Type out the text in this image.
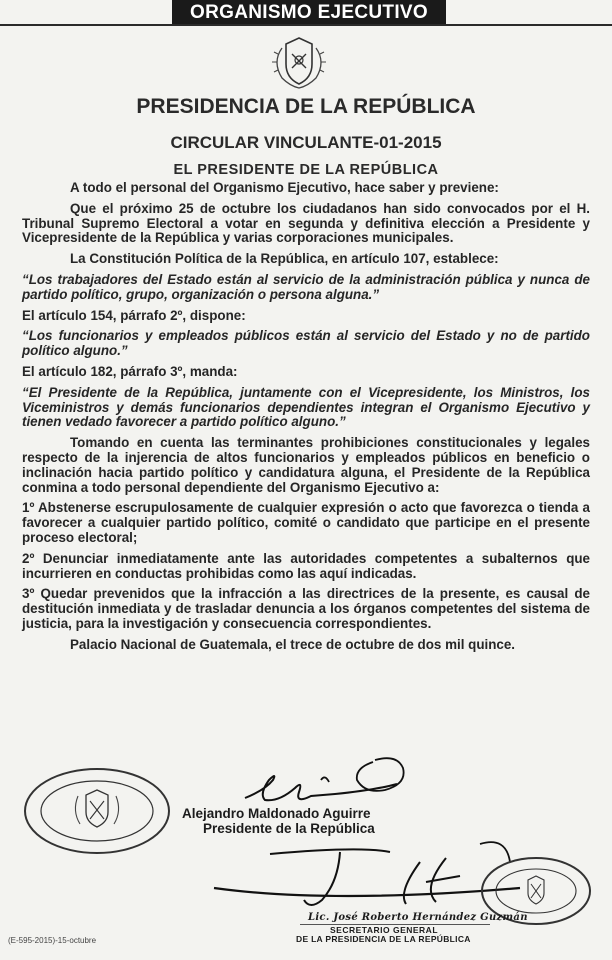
ORGANISMO EJECUTIVO
PRESIDENCIA DE LA REPÚBLICA
CIRCULAR VINCULANTE-01-2015
EL PRESIDENTE DE LA REPÚBLICA

A todo el personal del Organismo Ejecutivo, hace saber y previene:

Que el próximo 25 de octubre los ciudadanos han sido convocados por el H. Tribunal Supremo Electoral a votar en segunda y definitiva elección a Presidente y Vicepresidente de la República y varias corporaciones municipales.

La Constitución Política de la República, en artículo 107, establece:

“Los trabajadores del Estado están al servicio de la administración pública y nunca de partido político, grupo, organización o persona alguna.”

El artículo 154, párrafo 2º, dispone:

“Los funcionarios y empleados públicos están al servicio del Estado y no de partido político alguno.”

El artículo 182, párrafo 3º, manda:

“El Presidente de la República, juntamente con el Vicepresidente, los Ministros, los Viceministros y demás funcionarios dependientes integran el Organismo Ejecutivo y tienen vedado favorecer a partido político alguno.”

Tomando en cuenta las terminantes prohibiciones constitucionales y legales respecto de la injerencia de altos funcionarios y empleados públicos en beneficio o inclinación hacia partido político y candidatura alguna, el Presidente de la República conmina a todo personal dependiente del Organismo Ejecutivo a:

1º Abstenerse escrupulosamente de cualquier expresión o acto que favorezca o tienda a favorecer a cualquier partido político, comité o candidato que participe en el presente proceso electoral;

2º Denunciar inmediatamente ante las autoridades competentes a subalternos que incurrieren en conductas prohibidas como las aquí indicadas.

3º Quedar prevenidos que la infracción a las directrices de la presente, es causal de destitución inmediata y de trasladar denuncia a los órganos competentes del sistema de justicia, para la investigación y consecuencia correspondientes.

Palacio Nacional de Guatemala, el trece de octubre de dos mil quince.

Alejandro Maldonado Aguirre
Presidente de la República
Lic. José Roberto Hernández Guzmán
SECRETARIO GENERAL
DE LA PRESIDENCIA DE LA REPÚBLICA
(E-595-2015)-15-octubre
